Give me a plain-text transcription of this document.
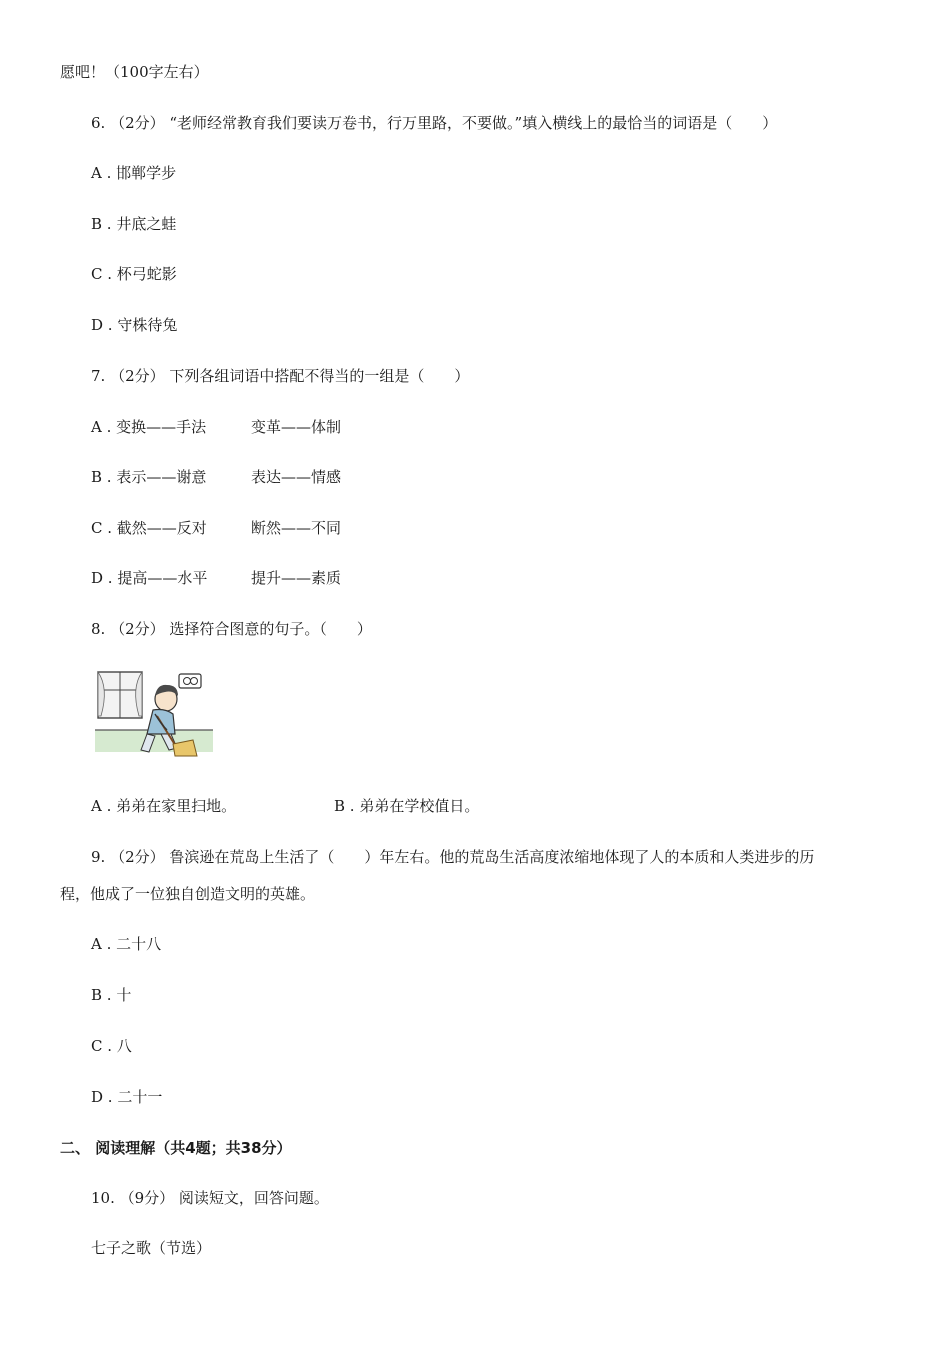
愿吧！（100字左右）
6. （2分） “老师经常教育我们要读万卷书，行万里路，不要做。”填入横线上的最恰当的词语是（　　）
A . 邯郸学步
B . 井底之蛙
C . 杯弓蛇影
D . 守株待兔
7. （2分） 下列各组词语中搭配不得当的一组是（　　）
A . 变换——手法	变革——体制
B . 表示——谢意	表达——情感
C . 截然——反对	断然——不同
D . 提高——水平	提升——素质
8. （2分） 选择符合图意的句子。（　　）
A . 弟弟在家里扫地。	B . 弟弟在学校值日。
9. （2分） 鲁滨逊在荒岛上生活了（　　）年左右。他的荒岛生活高度浓缩地体现了人的本质和人类进步的历
程，他成了一位独自创造文明的英雄。
A . 二十八
B . 十
C . 八
D . 二十一
二、 阅读理解（共4题；共38分）
10. （9分） 阅读短文，回答问题。
七子之歌（节选）
